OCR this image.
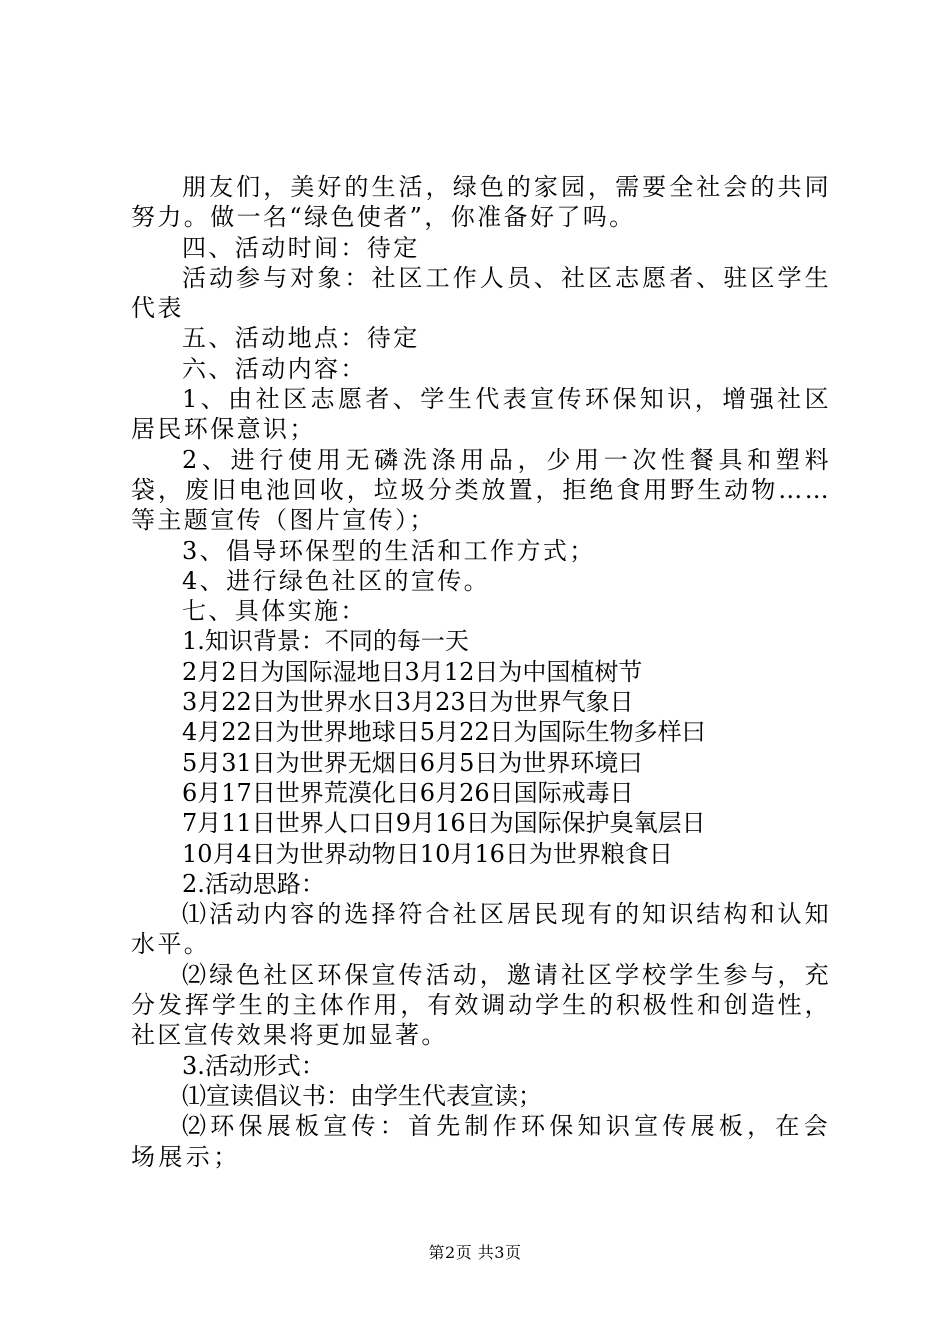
朋友们，美好的生活，绿色的家园，需要全社会的共同努力。做一名“绿色使者”，你准备好了吗。

四、活动时间：待定

活动参与对象：社区工作人员、社区志愿者、驻区学生代表

五、活动地点：待定

六、活动内容：

1、由社区志愿者、学生代表宣传环保知识，增强社区居民环保意识；

2、进行使用无磷洗涤用品，少用一次性餐具和塑料袋，废旧电池回收，垃圾分类放置，拒绝食用野生动物……等主题宣传（图片宣传）；

3、倡导环保型的生活和工作方式；

4、进行绿色社区的宣传。

七、具体实施：

1.知识背景：不同的每一天

2月2日为国际湿地日3月12日为中国植树节

3月22日为世界水日3月23日为世界气象日

4月22日为世界地球日5月22日为国际生物多样曰

5月31日为世界无烟日6月5日为世界环境曰

6月17日世界荒漠化日6月26日国际戒毒日

7月11日世界人口日9月16日为国际保护臭氧层日

10月4日为世界动物日10月16日为世界粮食日

2.活动思路：

⑴活动内容的选择符合社区居民现有的知识结构和认知水平。

⑵绿色社区环保宣传活动，邀请社区学校学生参与，充分发挥学生的主体作用，有效调动学生的积极性和创造性，社区宣传效果将更加显著。

3.活动形式：

⑴宣读倡议书：由学生代表宣读；

⑵环保展板宣传：首先制作环保知识宣传展板，在会场展示；

第2页 共3页
